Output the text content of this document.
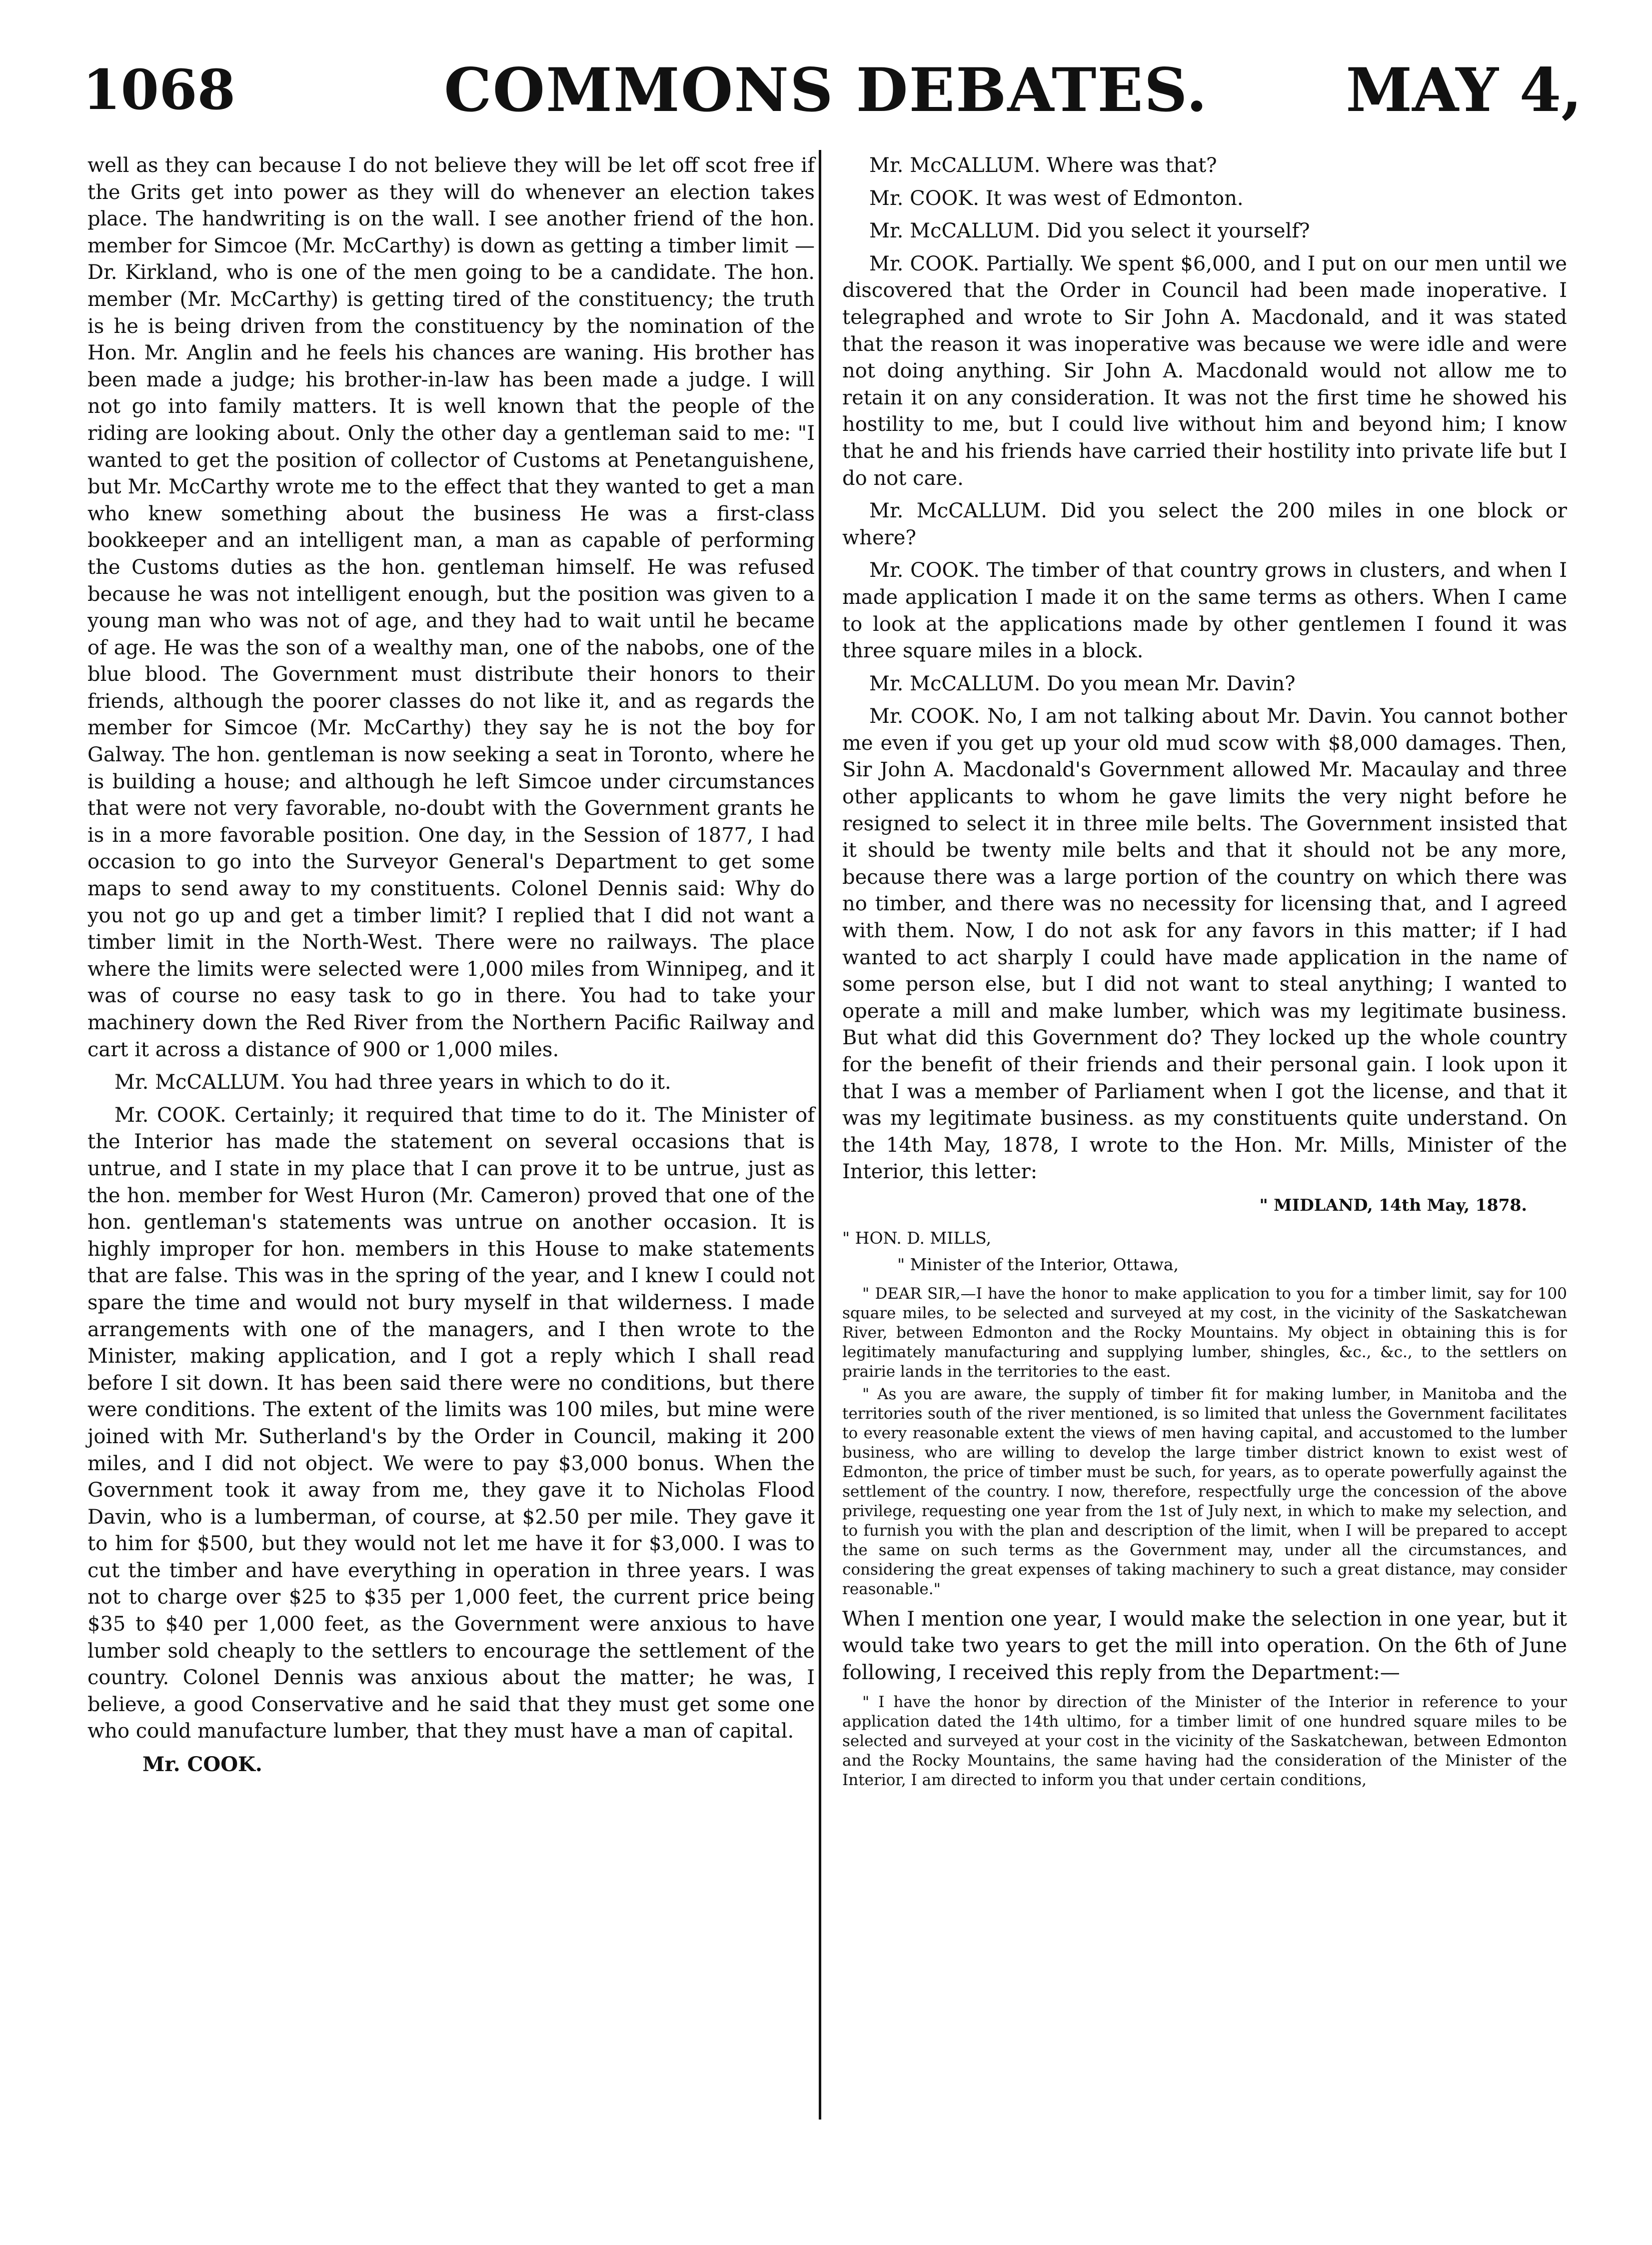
1068	COMMONS DEBATES.	MAY 4,

well as they can because I do not believe they will be let off scot free if the Grits get into power as they will do whenever an election takes place. The handwriting is on the wall. I see another friend of the hon. member for Simcoe (Mr. McCarthy) is down as getting a timber limit —Dr. Kirkland, who is one of the men going to be a candidate. The hon. member (Mr. McCarthy) is getting tired of the constituency; the truth is he is being driven from the constituency by the nomination of the Hon. Mr. Anglin and he feels his chances are waning. His brother has been made a judge; his brother-in-law has been made a judge. I will not go into family matters. It is well known that the people of the riding are looking about. Only the other day a gentleman said to me: "I wanted to get the position of collector of Customs at Penetanguishene, but Mr. McCarthy wrote me to the effect that they wanted to get a man who knew something about the business He was a first-class bookkeeper and an intelligent man, a man as capable of performing the Customs duties as the hon. gentleman himself. He was refused because he was not intelligent enough, but the position was given to a young man who was not of age, and they had to wait until he became of age. He was the son of a wealthy man, one of the nabobs, one of the blue blood. The Government must distribute their honors to their friends, although the poorer classes do not like it, and as regards the member for Simcoe (Mr. McCarthy) they say he is not the boy for Galway. The hon. gentleman is now seeking a seat in Toronto, where he is building a house; and although he left Simcoe under circumstances that were not very favorable, no-doubt with the Government grants he is in a more favorable position. One day, in the Session of 1877, I had occasion to go into the Surveyor General's Department to get some maps to send away to my constituents. Colonel Dennis said: Why do you not go up and get a timber limit? I replied that I did not want a timber limit in the North-West. There were no railways. The place where the limits were selected were 1,000 miles from Winnipeg, and it was of course no easy task to go in there. You had to take your machinery down the Red River from the Northern Pacific Railway and cart it across a distance of 900 or 1,000 miles.

Mr. McCALLUM. You had three years in which to do it.

Mr. COOK. Certainly; it required that time to do it. The Minister of the Interior has made the statement on several occasions that is untrue, and I state in my place that I can prove it to be untrue, just as the hon. member for West Huron (Mr. Cameron) proved that one of the hon. gentleman's statements was untrue on another occasion. It is highly improper for hon. members in this House to make statements that are false. This was in the spring of the year, and I knew I could not spare the time and would not bury myself in that wilderness. I made arrangements with one of the managers, and I then wrote to the Minister, making application, and I got a reply which I shall read before I sit down. It has been said there were no conditions, but there were conditions. The extent of the limits was 100 miles, but mine were joined with Mr. Sutherland's by the Order in Council, making it 200 miles, and I did not object. We were to pay $3,000 bonus. When the Government took it away from me, they gave it to Nicholas Flood Davin, who is a lumberman, of course, at $2.50 per mile. They gave it to him for $500, but they would not let me have it for $3,000. I was to cut the timber and have everything in operation in three years. I was not to charge over $25 to $35 per 1,000 feet, the current price being $35 to $40 per 1,000 feet, as the Government were anxious to have lumber sold cheaply to the settlers to encourage the settlement of the country. Colonel Dennis was anxious about the matter; he was, I believe, a good Conservative and he said that they must get some one who could manufacture lumber, that they must have a man of capital.

Mr. COOK.

Mr. McCALLUM. Where was that?

Mr. COOK. It was west of Edmonton.

Mr. McCALLUM. Did you select it yourself?

Mr. COOK. Partially. We spent $6,000, and I put on our men until we discovered that the Order in Council had been made inoperative. I telegraphed and wrote to Sir John A. Macdonald, and it was stated that the reason it was inoperative was because we were idle and were not doing anything. Sir John A. Macdonald would not allow me to retain it on any consideration. It was not the first time he showed his hostility to me, but I could live without him and beyond him; I know that he and his friends have carried their hostility into private life but I do not care.

Mr. McCALLUM. Did you select the 200 miles in one block or where?

Mr. COOK. The timber of that country grows in clusters, and when I made application I made it on the same terms as others. When I came to look at the applications made by other gentlemen I found it was three square miles in a block.

Mr. McCALLUM. Do you mean Mr. Davin?

Mr. COOK. No, I am not talking about Mr. Davin. You cannot bother me even if you get up your old mud scow with $8,000 damages. Then, Sir John A. Macdonald's Government allowed Mr. Macaulay and three other applicants to whom he gave limits the very night before he resigned to select it in three mile belts. The Government insisted that it should be twenty mile belts and that it should not be any more, because there was a large portion of the country on which there was no timber, and there was no necessity for licensing that, and I agreed with them. Now, I do not ask for any favors in this matter; if I had wanted to act sharply I could have made application in the name of some person else, but I did not want to steal anything; I wanted to operate a mill and make lumber, which was my legitimate business. But what did this Government do? They locked up the whole country for the benefit of their friends and their personal gain. I look upon it that I was a member of Parliament when I got the license, and that it was my legitimate business. as my constituents quite understand. On the 14th May, 1878, I wrote to the Hon. Mr. Mills, Minister of the Interior, this letter:

" MIDLAND, 14th May, 1878.

" HON. D. MILLS,

" Minister of the Interior, Ottawa,

" DEAR SIR,—I have the honor to make application to you for a timber limit, say for 100 square miles, to be selected and surveyed at my cost, in the vicinity of the Saskatchewan River, between Edmonton and the Rocky Mountains. My object in obtaining this is for legitimately manufacturing and supplying lumber, shingles, &c., &c., to the settlers on prairie lands in the territories to the east.

" As you are aware, the supply of timber fit for making lumber, in Manitoba and the territories south of the river mentioned, is so limited that unless the Government facilitates to every reasonable extent the views of men having capital, and accustomed to the lumber business, who are willing to develop the large timber district known to exist west of Edmonton, the price of timber must be such, for years, as to operate powerfully against the settlement of the country. I now, therefore, respectfully urge the concession of the above privilege, requesting one year from the 1st of July next, in which to make my selection, and to furnish you with the plan and description of the limit, when I will be prepared to accept the same on such terms as the Government may, under all the circumstances, and considering the great expenses of taking machinery to such a great distance, may consider reasonable."

When I mention one year, I would make the selection in one year, but it would take two years to get the mill into operation. On the 6th of June following, I received this reply from the Department:—

" I have the honor by direction of the Minister of the Interior in reference to your application dated the 14th ultimo, for a timber limit of one hundred square miles to be selected and surveyed at your cost in the vicinity of the Saskatchewan, between Edmonton and the Rocky Mountains, the same having had the consideration of the Minister of the Interior, I am directed to inform you that under certain conditions,
